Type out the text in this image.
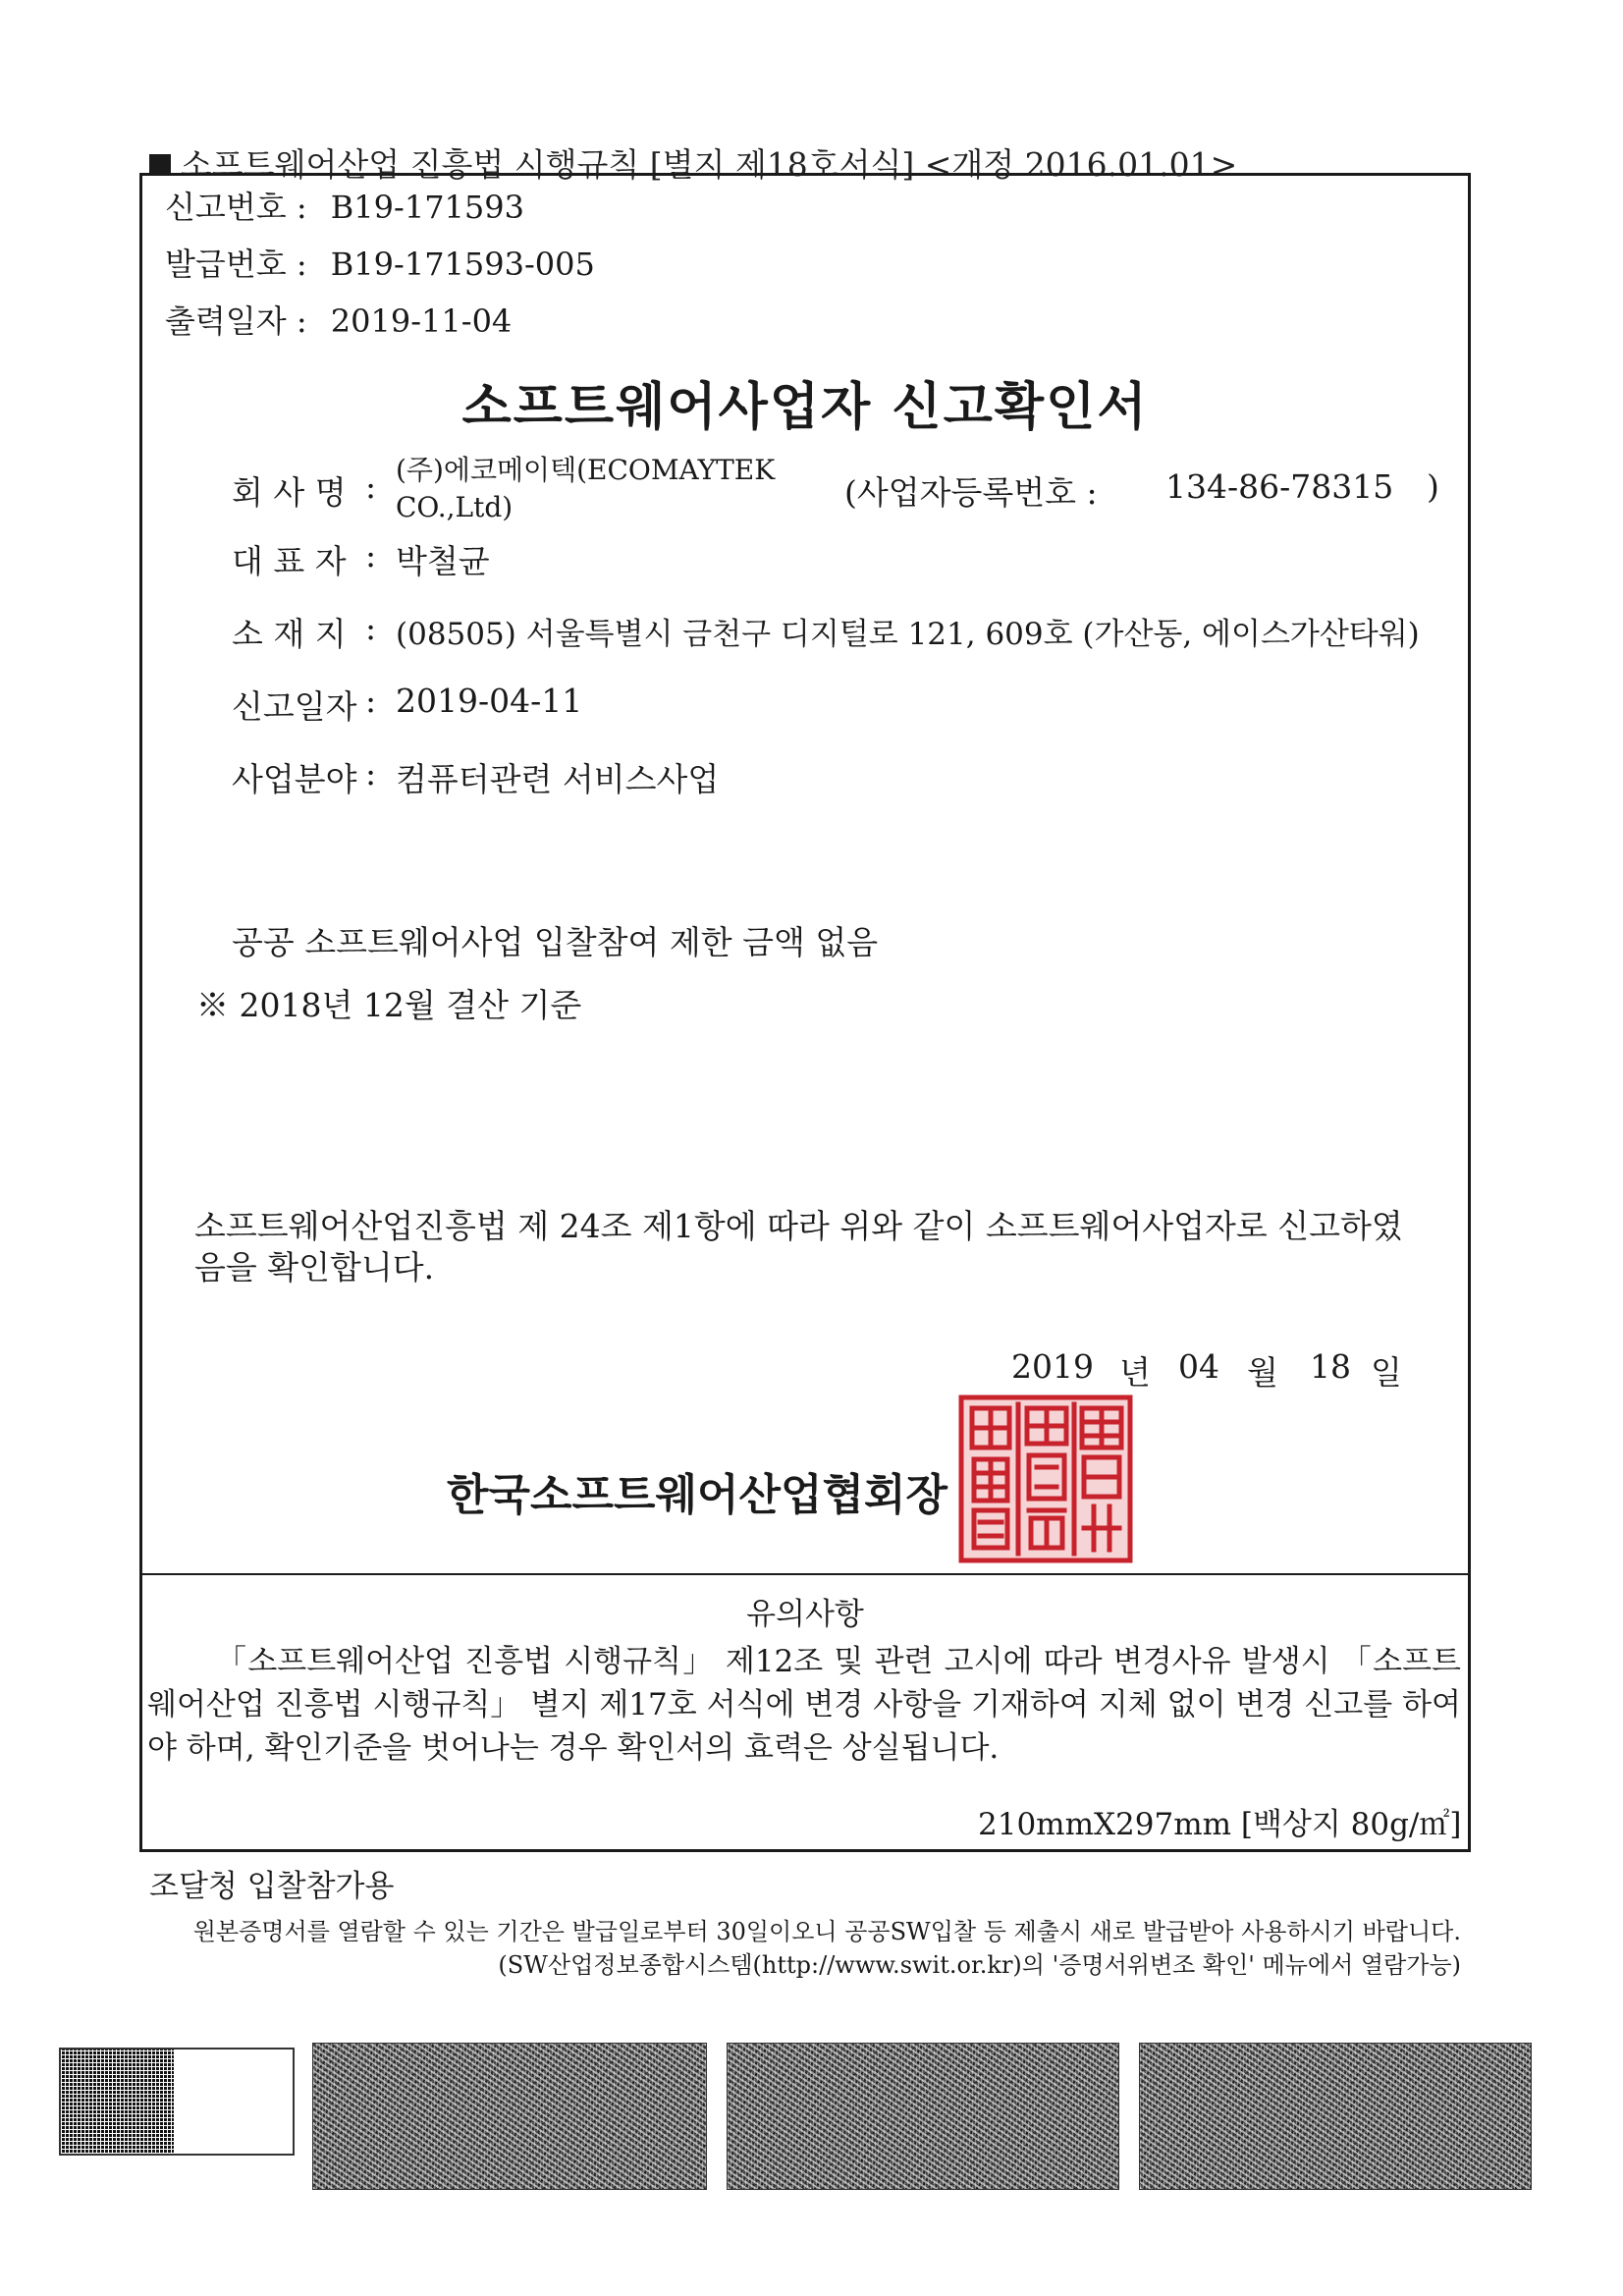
소프트웨어산업 진흥법 시행규칙 [별지 제18호서식] <개정 2016.01.01>
신고번호 : B19-171593
발급번호 : B19-171593-005
출력일자 : 2019-11-04
소프트웨어사업자 신고확인서
회 사 명 : (주)에코메이텍(ECOMAYTEK CO.,Ltd)	(사업자등록번호 : 134-86-78315 )
대 표 자 : 박철균
소 재 지 : (08505) 서울특별시 금천구 디지털로 121, 609호 (가산동, 에이스가산타워)
신고일자 : 2019-04-11
사업분야 : 컴퓨터관련 서비스사업
공공 소프트웨어사업 입찰참여 제한 금액 없음
※ 2018년 12월 결산 기준
소프트웨어산업진흥법 제 24조 제1항에 따라 위와 같이 소프트웨어사업자로 신고하였음을 확인합니다.
2019 년 04 월 18 일
한국소프트웨어산업협회장
유의사항
「소프트웨어산업 진흥법 시행규칙」 제12조 및 관련 고시에 따라 변경사유 발생시 「소프트웨어산업 진흥법 시행규칙」 별지 제17호 서식에 변경 사항을 기재하여 지체 없이 변경 신고를 하여야 하며, 확인기준을 벗어나는 경우 확인서의 효력은 상실됩니다.
210mmX297mm [백상지 80g/㎡]
조달청 입찰참가용
원본증명서를 열람할 수 있는 기간은 발급일로부터 30일이오니 공공SW입찰 등 제출시 새로 발급받아 사용하시기 바랍니다.
(SW산업정보종합시스템(http://www.swit.or.kr)의 '증명서위변조 확인' 메뉴에서 열람가능)
